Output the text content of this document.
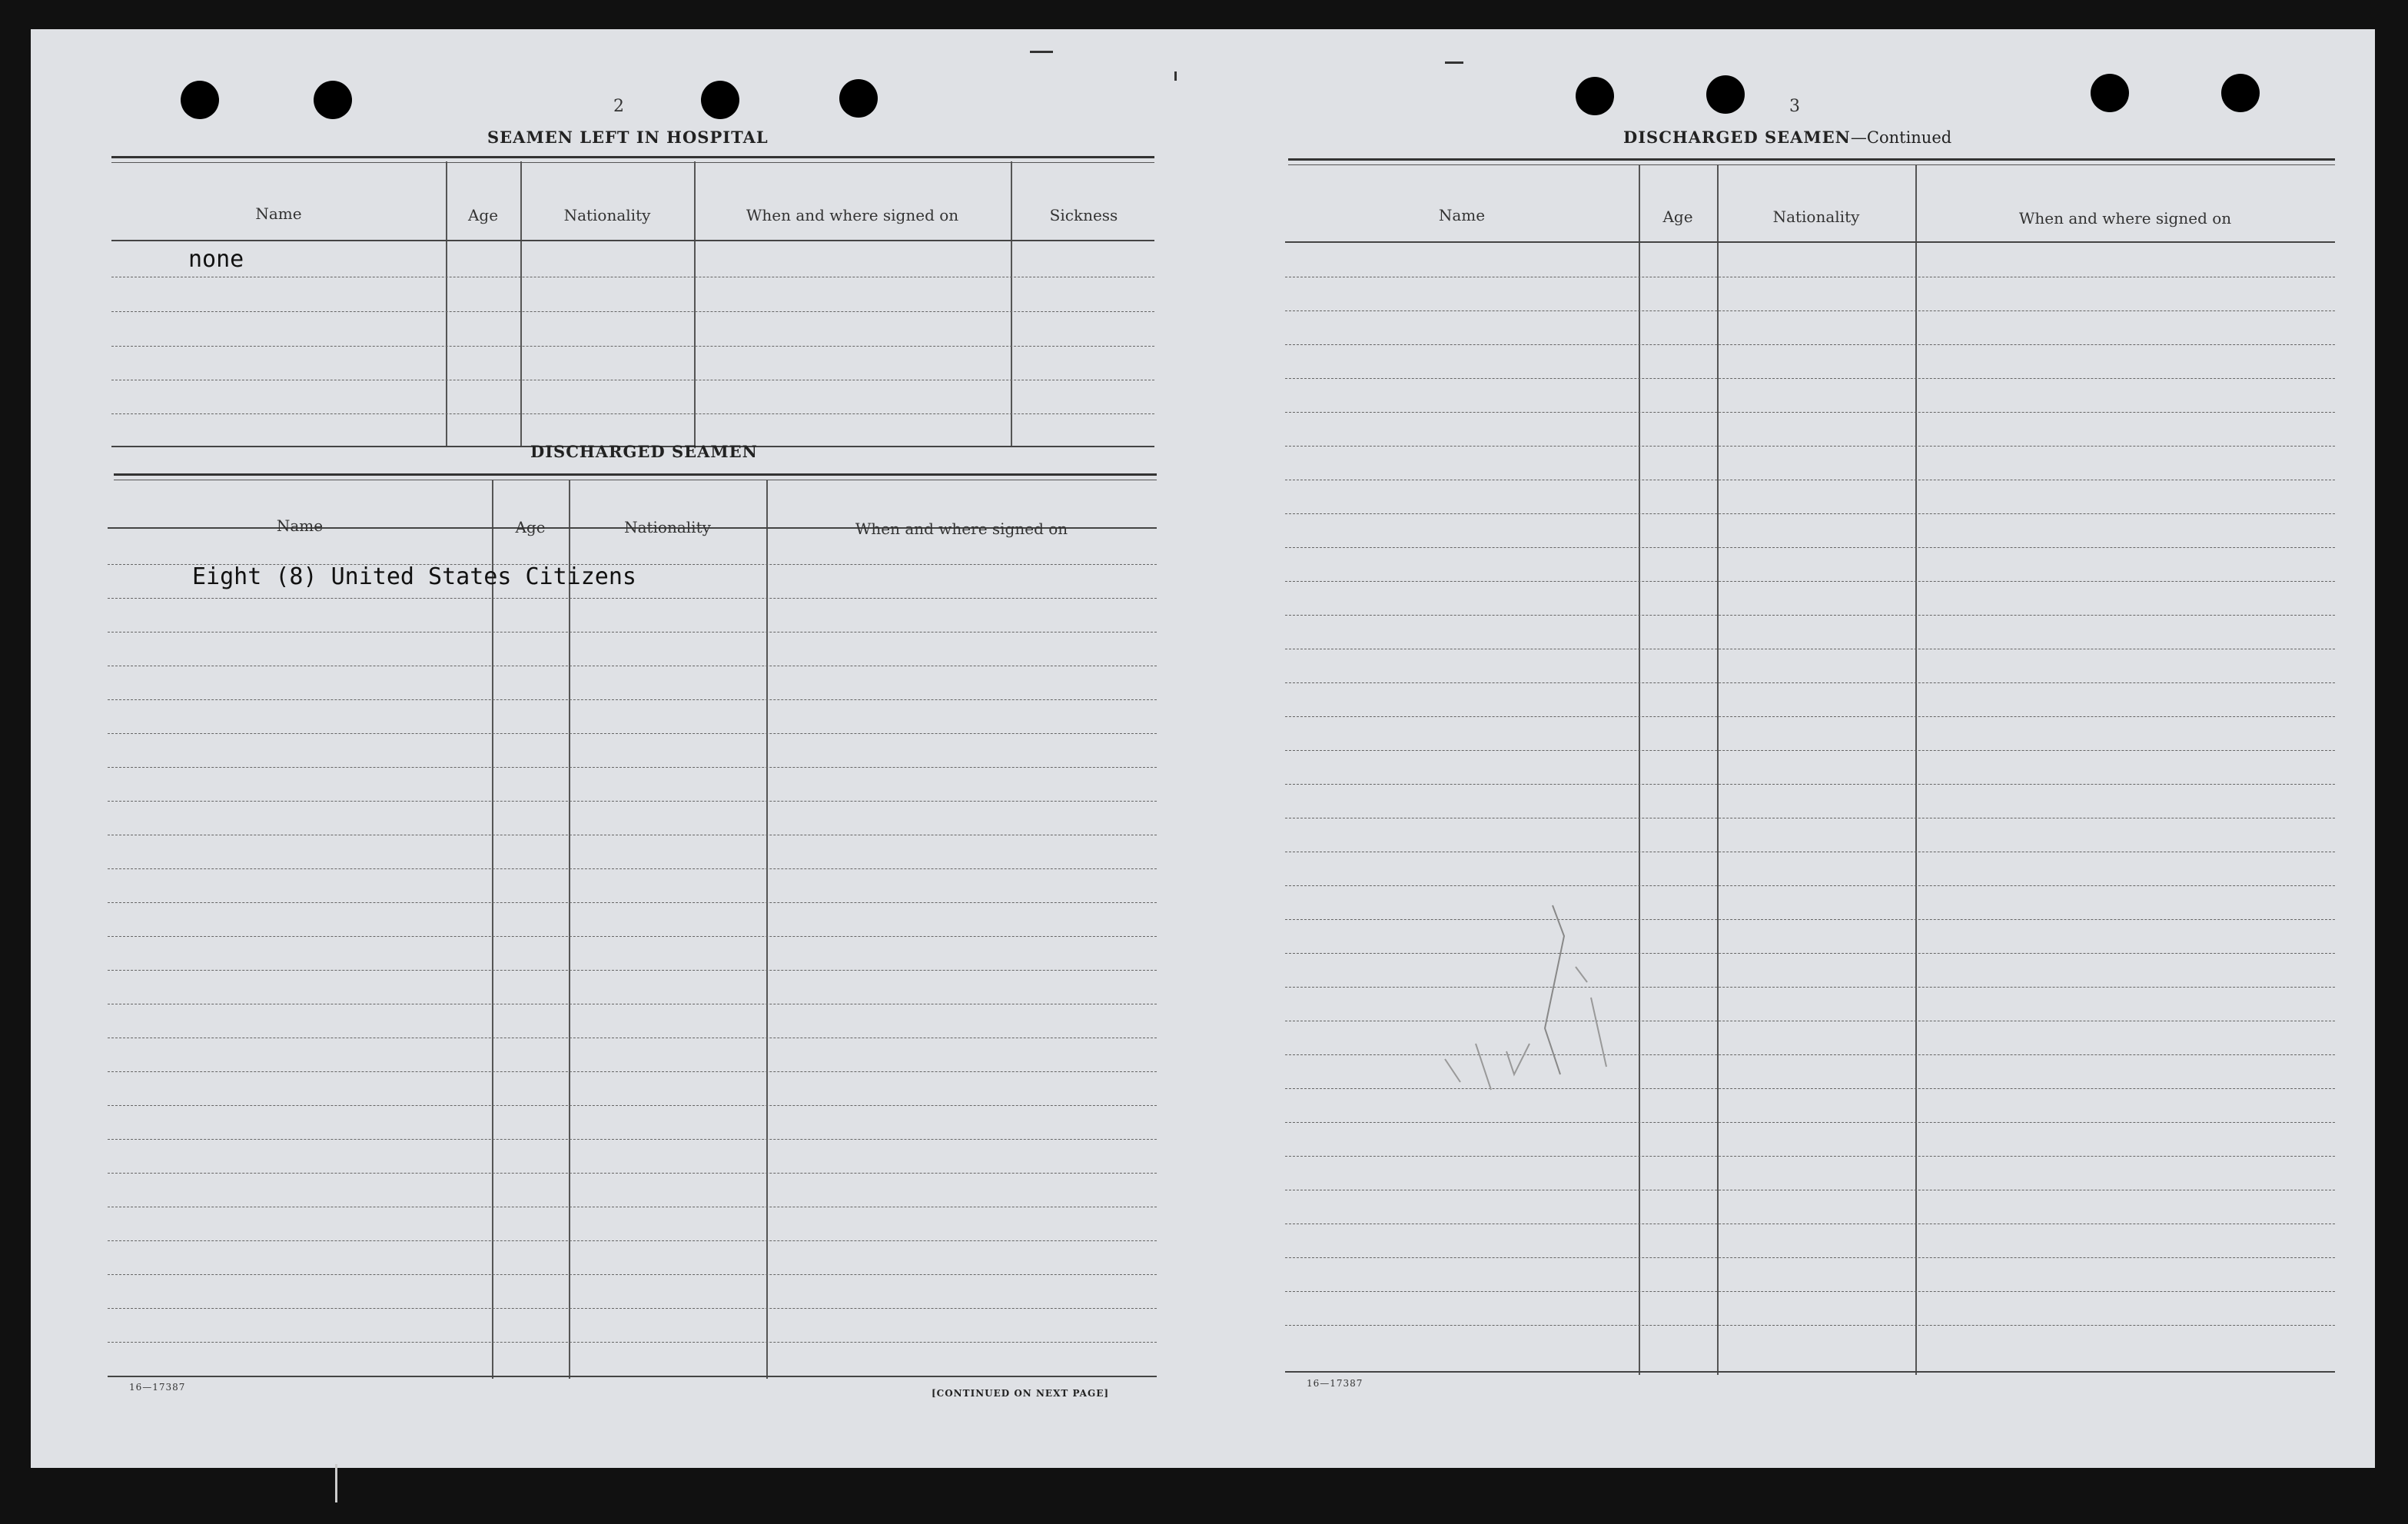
2
SEAMEN LEFT IN HOSPITAL
Name	Age	Nationality	When and where signed on	Sickness
none
DISCHARGED SEAMEN
Name	Age	Nationality	When and where signed on
Eight (8) United States Citizens
16—17387
[CONTINUED ON NEXT PAGE]
3
DISCHARGED SEAMEN—Continued
Name	Age	Nationality	When and where signed on
16—17387
